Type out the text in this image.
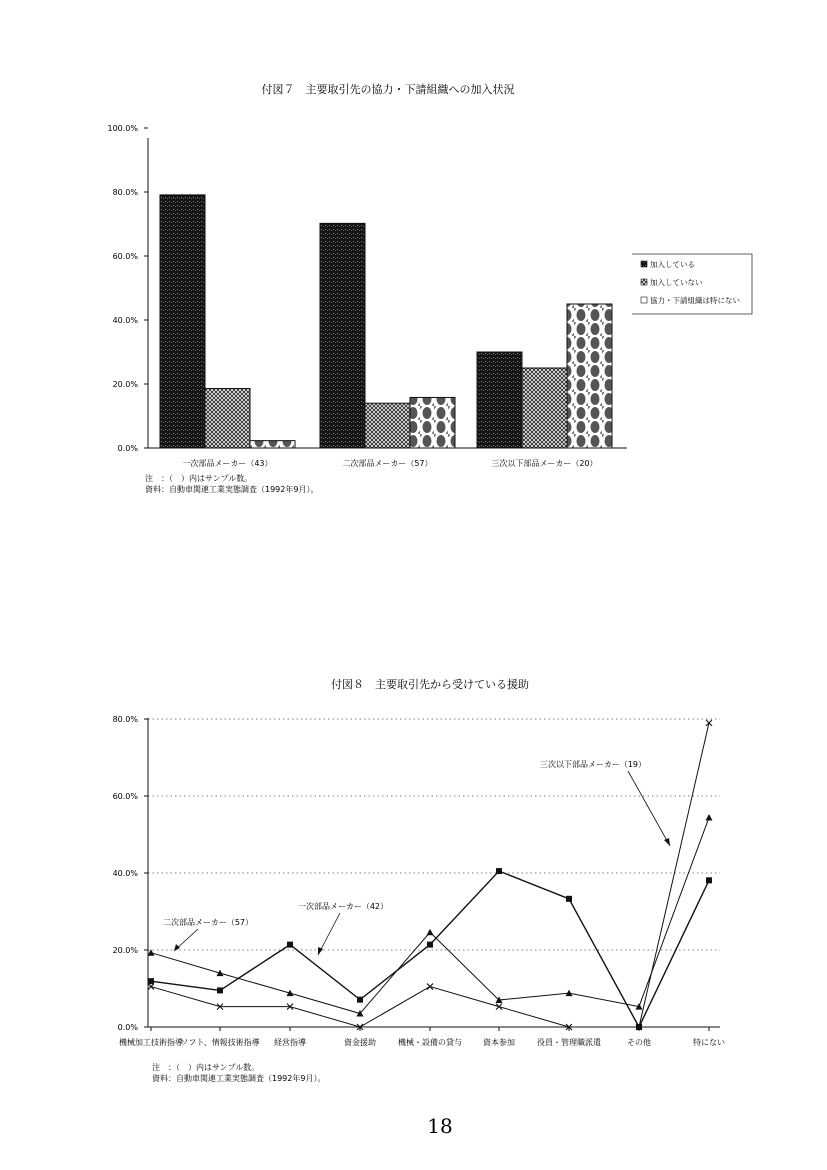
付図７　主要取引先の協力・下請組織への加入状況
0.0%
20.0%
40.0%
60.0%
80.0%
100.0%
一次部品メーカー（43）	二次部品メーカー（57）	三次以下部品メーカー（20）
加入している
加入していない
協力・下請組織は特にない
注　：（　）内はサンプル数。
資料：自動車関連工業実態調査（1992年9月）。
付図８　主要取引先から受けている援助
0.0%
20.0%
40.0%
60.0%
80.0%
機械加工技術指導
ソフト、情報技術指導 経営指導	資金援助	機械・設備の貸与	資本参加	役員・管理職派遣	その他	特にない
二次部品メーカー（57）
一次部品メーカー（42）
三次以下部品メーカー（19）
注　：（　）内はサンプル数。
資料：自動車関連工業実態調査（1992年9月）。
18
